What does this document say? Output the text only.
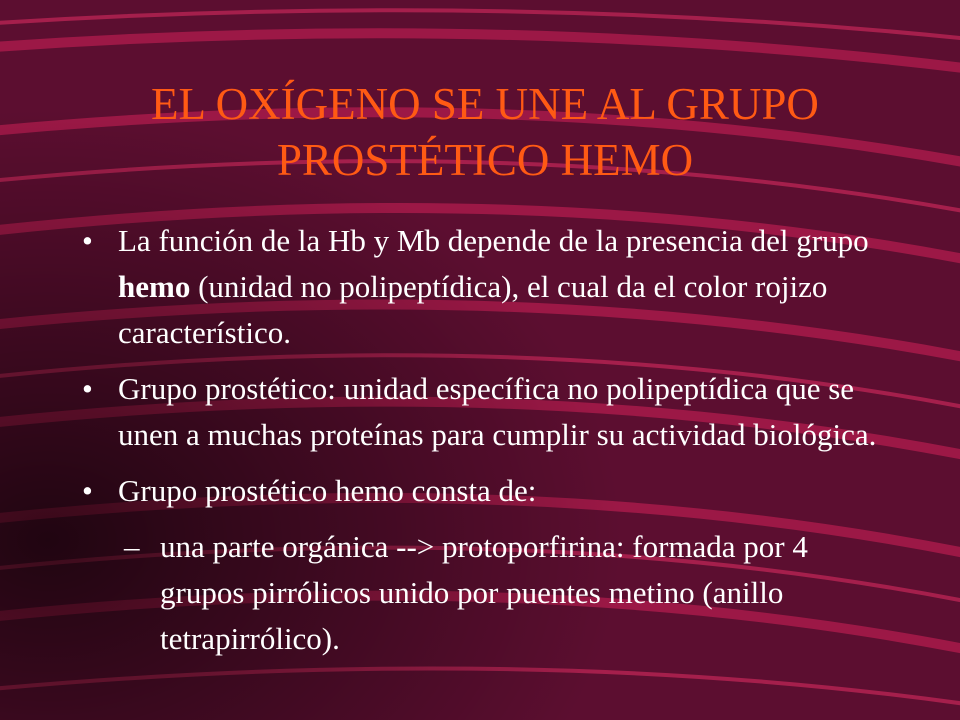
EL OXÍGENO SE UNE AL GRUPO
PROSTÉTICO HEMO
• La función de la Hb y Mb depende de la presencia del grupo hemo (unidad no polipeptídica), el cual da el color rojizo característico.
• Grupo prostético: unidad específica no polipeptídica que se unen a muchas proteínas para cumplir su actividad biológica.
• Grupo prostético hemo consta de:
– una parte orgánica --> protoporfirina: formada por 4 grupos pirrólicos unido por puentes metino (anillo tetrapirrólico).
